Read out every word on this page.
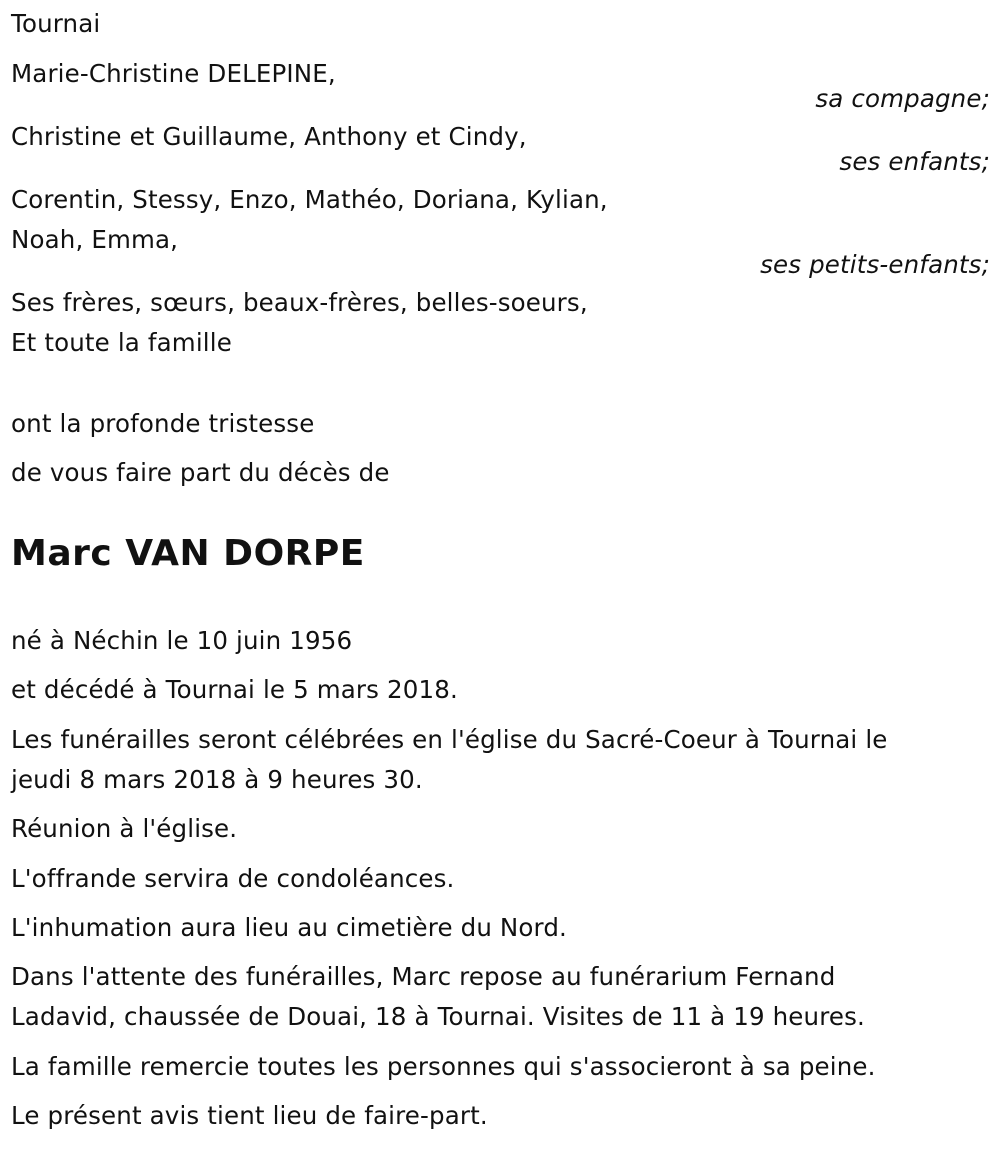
Tournai
Marie-Christine DELEPINE,
sa compagne;
Christine et Guillaume, Anthony et Cindy,
ses enfants;
Corentin, Stessy, Enzo, Mathéo, Doriana, Kylian,
Noah, Emma,
ses petits-enfants;
Ses frères, sœurs, beaux-frères, belles-soeurs,
Et toute la famille
ont la profonde tristesse
de vous faire part du décès de
Marc VAN DORPE
né à Néchin le 10 juin 1956
et décédé à Tournai le 5 mars 2018.
Les funérailles seront célébrées en l'église du Sacré-Coeur à Tournai le
jeudi 8 mars 2018 à 9 heures 30.
Réunion à l'église.
L'offrande servira de condoléances.
L'inhumation aura lieu au cimetière du Nord.
Dans l'attente des funérailles, Marc repose au funérarium Fernand
Ladavid, chaussée de Douai, 18 à Tournai. Visites de 11 à 19 heures.
La famille remercie toutes les personnes qui s'associeront à sa peine.
Le présent avis tient lieu de faire-part.
